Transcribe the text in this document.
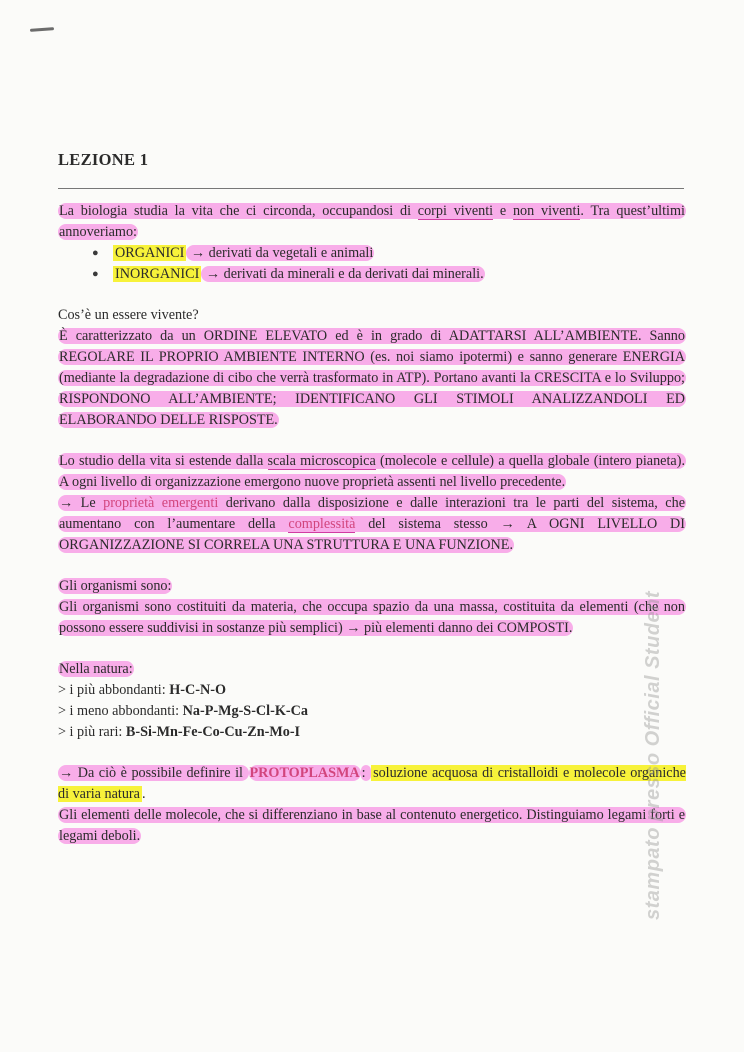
LEZIONE 1

La biologia studia la vita che ci circonda, occupandosi di corpi viventi e non viventi. Tra quest’ultimi annoveriamo:

● ORGANICI → derivati da vegetali e animali
● INORGANICI → derivati da minerali e da derivati dai minerali.

Cos’è un essere vivente?

È caratterizzato da un ORDINE ELEVATO ed è in grado di ADATTARSI ALL’AMBIENTE. Sanno REGOLARE IL PROPRIO AMBIENTE INTERNO (es. noi siamo ipotermi) e sanno generare ENERGIA (mediante la degradazione di cibo che verrà trasformato in ATP). Portano avanti la CRESCITA e lo Sviluppo; RISPONDONO ALL’AMBIENTE; IDENTIFICANO GLI STIMOLI ANALIZZANDOLI ED ELABORANDO DELLE RISPOSTE.

Lo studio della vita si estende dalla scala microscopica (molecole e cellule) a quella globale (intero pianeta). A ogni livello di organizzazione emergono nuove proprietà assenti nel livello precedente.

→ Le proprietà emergenti derivano dalla disposizione e dalle interazioni tra le parti del sistema, che aumentano con l’aumentare della complessità del sistema stesso → A OGNI LIVELLO DI ORGANIZZAZIONE SI CORRELA UNA STRUTTURA E UNA FUNZIONE.

Gli organismi sono:

Gli organismi sono costituiti da materia, che occupa spazio da una massa, costituita da elementi (che non possono essere suddivisi in sostanze più semplici) → più elementi danno dei COMPOSTI.

Nella natura:

> i più abbondanti: H-C-N-O

> i meno abbondanti: Na-P-Mg-S-Cl-K-Ca

> i più rari: B-Si-Mn-Fe-Co-Cu-Zn-Mo-I

→ Da ciò è possibile definire il PROTOPLASMA : soluzione acquosa di cristalloidi e molecole organiche di varia natura .

Gli elementi delle molecole, che si differenziano in base al contenuto energetico. Distinguiamo legami forti e legami deboli.	stampato presso Official Student
